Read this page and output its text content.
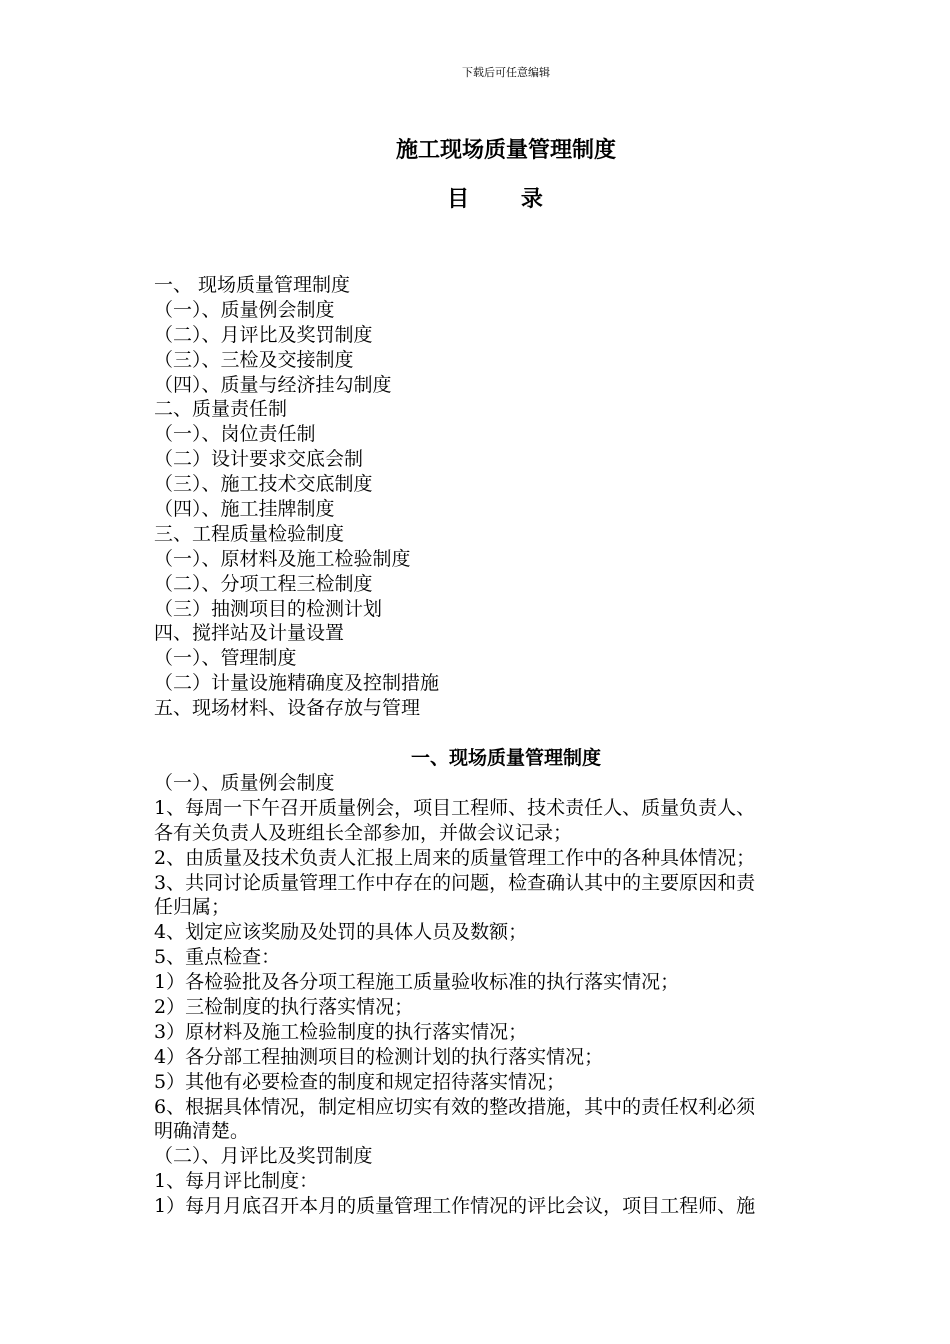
下载后可任意编辑
施工现场质量管理制度
目 录
一、 现场质量管理制度
（一）、质量例会制度
（二）、月评比及奖罚制度
（三）、三检及交接制度
（四）、质量与经济挂勾制度
二、质量责任制
（一）、岗位责任制
（二）设计要求交底会制
（三）、施工技术交底制度
（四）、施工挂牌制度
三、工程质量检验制度
（一）、原材料及施工检验制度
（二）、分项工程三检制度
（三）抽测项目的检测计划
四、搅拌站及计量设置
（一）、管理制度
（二）计量设施精确度及控制措施
五、现场材料、设备存放与管理
一、现场质量管理制度
（一）、质量例会制度
1、每周一下午召开质量例会，项目工程师、技术责任人、质量负责人、
各有关负责人及班组长全部参加，并做会议记录；
2、由质量及技术负责人汇报上周来的质量管理工作中的各种具体情况；
3、共同讨论质量管理工作中存在的问题，检查确认其中的主要原因和责
任归属；
4、划定应该奖励及处罚的具体人员及数额；
5、重点检查：
1）各检验批及各分项工程施工质量验收标准的执行落实情况；
2）三检制度的执行落实情况；
3）原材料及施工检验制度的执行落实情况；
4）各分部工程抽测项目的检测计划的执行落实情况；
5）其他有必要检查的制度和规定招待落实情况；
6、根据具体情况，制定相应切实有效的整改措施，其中的责任权利必须
明确清楚。
（二）、月评比及奖罚制度
1、每月评比制度：
1）每月月底召开本月的质量管理工作情况的评比会议，项目工程师、施
